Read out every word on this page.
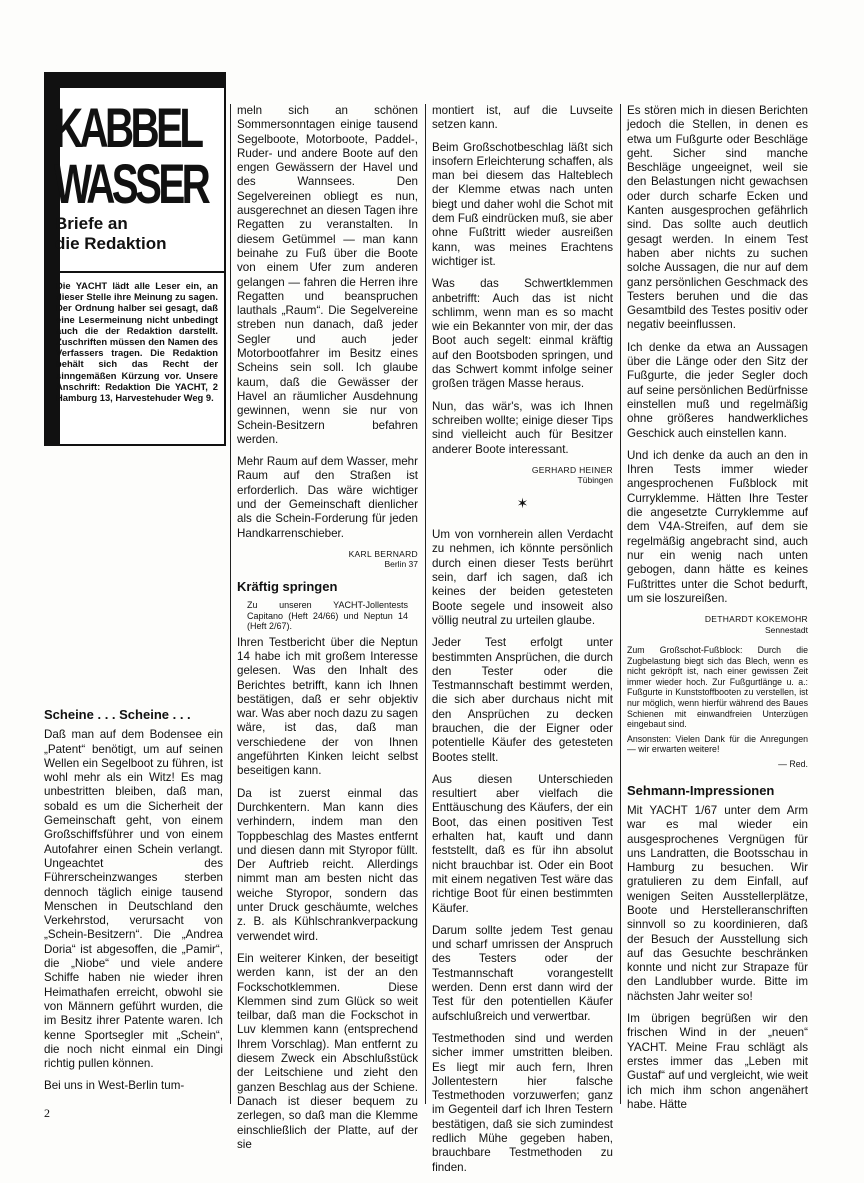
KABBEL
WASSER
Briefe an
die Redaktion
Die YACHT lädt alle Leser ein, an dieser Stelle ihre Meinung zu sagen. Der Ordnung halber sei gesagt, daß eine Lesermeinung nicht unbedingt auch die der Redaktion darstellt. Zuschriften müssen den Namen des Verfassers tragen. Die Redaktion behält sich das Recht der sinngemäßen Kürzung vor. Unsere Anschrift: Redaktion Die YACHT, 2 Hamburg 13, Harvestehuder Weg 9.
Scheine . . . Scheine . . .

Daß man auf dem Bodensee ein „Patent“ benötigt, um auf seinen Wellen ein Segelboot zu führen, ist wohl mehr als ein Witz! Es mag unbestritten bleiben, daß man, sobald es um die Sicherheit der Gemeinschaft geht, von einem Großschiffsführer und von einem Autofahrer einen Schein verlangt. Ungeachtet des Führerscheinzwanges sterben dennoch täglich einige tausend Menschen in Deutschland den Verkehrstod, verursacht von „Schein-Besitzern“. Die „Andrea Doria“ ist abgesoffen, die „Pamir“, die „Niobe“ und viele andere Schiffe haben nie wieder ihren Heimathafen erreicht, obwohl sie von Männern geführt wurden, die im Besitz ihrer Patente waren. Ich kenne Sportsegler mit „Schein“, die noch nicht einmal ein Dingi richtig pullen können.

Bei uns in West-Berlin tum-

meln sich an schönen Sommersonntagen einige tausend Segelboote, Motorboote, Paddel-, Ruder- und andere Boote auf den engen Gewässern der Havel und des Wannsees. Den Segelvereinen obliegt es nun, ausgerechnet an diesen Tagen ihre Regatten zu veranstalten. In diesem Getümmel — man kann beinahe zu Fuß über die Boote von einem Ufer zum anderen gelangen — fahren die Herren ihre Regatten und beanspruchen lauthals „Raum“. Die Segelvereine streben nun danach, daß jeder Segler und auch jeder Motorbootfahrer im Besitz eines Scheins sein soll. Ich glaube kaum, daß die Gewässer der Havel an räumlicher Ausdehnung gewinnen, wenn sie nur von Schein-Besitzern befahren werden.

Mehr Raum auf dem Wasser, mehr Raum auf den Straßen ist erforderlich. Das wäre wichtiger und der Gemeinschaft dienlicher als die Schein-Forderung für jeden Handkarrenschieber.

KARL BERNARD
Berlin 37
Kräftig springen
Zu unseren YACHT-Jollentests Capitano (Heft 24/66) und Neptun 14 (Heft 2/67).

Ihren Testbericht über die Neptun 14 habe ich mit großem Interesse gelesen. Was den Inhalt des Berichtes betrifft, kann ich Ihnen bestätigen, daß er sehr objektiv war. Was aber noch dazu zu sagen wäre, ist das, daß man verschiedene der von Ihnen angeführten Kinken leicht selbst beseitigen kann.

Da ist zuerst einmal das Durchkentern. Man kann dies verhindern, indem man den Toppbeschlag des Mastes entfernt und diesen dann mit Styropor füllt. Der Auftrieb reicht. Allerdings nimmt man am besten nicht das weiche Styropor, sondern das unter Druck geschäumte, welches z. B. als Kühlschrankverpackung verwendet wird.

Ein weiterer Kinken, der beseitigt werden kann, ist der an den Fockschotklemmen. Diese Klemmen sind zum Glück so weit teilbar, daß man die Fockschot in Luv klemmen kann (entsprechend Ihrem Vorschlag). Man entfernt zu diesem Zweck ein Abschlußstück der Leitschiene und zieht den ganzen Beschlag aus der Schiene. Danach ist dieser bequem zu zerlegen, so daß man die Klemme einschließlich der Platte, auf der sie

montiert ist, auf die Luvseite setzen kann.

Beim Großschotbeschlag läßt sich insofern Erleichterung schaffen, als man bei diesem das Halteblech der Klemme etwas nach unten biegt und daher wohl die Schot mit dem Fuß eindrücken muß, sie aber ohne Fußtritt wieder ausreißen kann, was meines Erachtens wichtiger ist.

Was das Schwertklemmen anbetrifft: Auch das ist nicht schlimm, wenn man es so macht wie ein Bekannter von mir, der das Boot auch segelt: einmal kräftig auf den Bootsboden springen, und das Schwert kommt infolge seiner großen trägen Masse heraus.

Nun, das wär's, was ich Ihnen schreiben wollte; einige dieser Tips sind vielleicht auch für Besitzer anderer Boote interessant.

GERHARD HEINER
Tübingen
✶

Um von vornherein allen Verdacht zu nehmen, ich könnte persönlich durch einen dieser Tests berührt sein, darf ich sagen, daß ich keines der beiden getesteten Boote segele und insoweit also völlig neutral zu urteilen glaube.

Jeder Test erfolgt unter bestimmten Ansprüchen, die durch den Tester oder die Testmannschaft bestimmt werden, die sich aber durchaus nicht mit den Ansprüchen zu decken brauchen, die der Eigner oder potentielle Käufer des getesteten Bootes stellt.

Aus diesen Unterschieden resultiert aber vielfach die Enttäuschung des Käufers, der ein Boot, das einen positiven Test erhalten hat, kauft und dann feststellt, daß es für ihn absolut nicht brauchbar ist. Oder ein Boot mit einem negativen Test wäre das richtige Boot für einen bestimmten Käufer.

Darum sollte jedem Test genau und scharf umrissen der Anspruch des Testers oder der Testmannschaft vorangestellt werden. Denn erst dann wird der Test für den potentiellen Käufer aufschlußreich und verwertbar.

Testmethoden sind und werden sicher immer umstritten bleiben. Es liegt mir auch fern, Ihren Jollentestern hier falsche Testmethoden vorzuwerfen; ganz im Gegenteil darf ich Ihren Testern bestätigen, daß sie sich zumindest redlich Mühe gegeben haben, brauchbare Testmethoden zu finden.

Es stören mich in diesen Berichten jedoch die Stellen, in denen es etwa um Fußgurte oder Beschläge geht. Sicher sind manche Beschläge ungeeignet, weil sie den Belastungen nicht gewachsen oder durch scharfe Ecken und Kanten ausgesprochen gefährlich sind. Das sollte auch deutlich gesagt werden. In einem Test haben aber nichts zu suchen solche Aussagen, die nur auf dem ganz persönlichen Geschmack des Testers beruhen und die das Gesamtbild des Testes positiv oder negativ beeinflussen.

Ich denke da etwa an Aussagen über die Länge oder den Sitz der Fußgurte, die jeder Segler doch auf seine persönlichen Bedürfnisse einstellen muß und regelmäßig ohne größeres handwerkliches Geschick auch einstellen kann.

Und ich denke da auch an den in Ihren Tests immer wieder angesprochenen Fußblock mit Curryklemme. Hätten Ihre Tester die angesetzte Curryklemme auf dem V4A-Streifen, auf dem sie regelmäßig angebracht sind, auch nur ein wenig nach unten gebogen, dann hätte es keines Fußtrittes unter die Schot bedurft, um sie loszureißen.

DETHARDT KOKEMOHR
Sennestadt
Zum Großschot-Fußblock: Durch die Zugbelastung biegt sich das Blech, wenn es nicht gekröpft ist, nach einer gewissen Zeit immer wieder hoch. Zur Fußgurtlänge u. a.: Fußgurte in Kunststoffbooten zu verstellen, ist nur möglich, wenn hierfür während des Baues Schienen mit einwandfreien Unterzügen eingebaut sind.
Ansonsten: Vielen Dank für die Anregungen — wir erwarten weitere!
— Red.
Sehmann-Impressionen

Mit YACHT 1/67 unter dem Arm war es mal wieder ein ausgesprochenes Vergnügen für uns Landratten, die Bootsschau in Hamburg zu besuchen. Wir gratulieren zu dem Einfall, auf wenigen Seiten Ausstellerplätze, Boote und Herstelleranschriften sinnvoll so zu koordinieren, daß der Besuch der Ausstellung sich auf das Gesuchte beschränken konnte und nicht zur Strapaze für den Landlubber wurde. Bitte im nächsten Jahr weiter so!

Im übrigen begrüßen wir den frischen Wind in der „neuen“ YACHT. Meine Frau schlägt als erstes immer das „Leben mit Gustaf“ auf und vergleicht, wie weit ich mich ihm schon angenähert habe. Hätte

2
